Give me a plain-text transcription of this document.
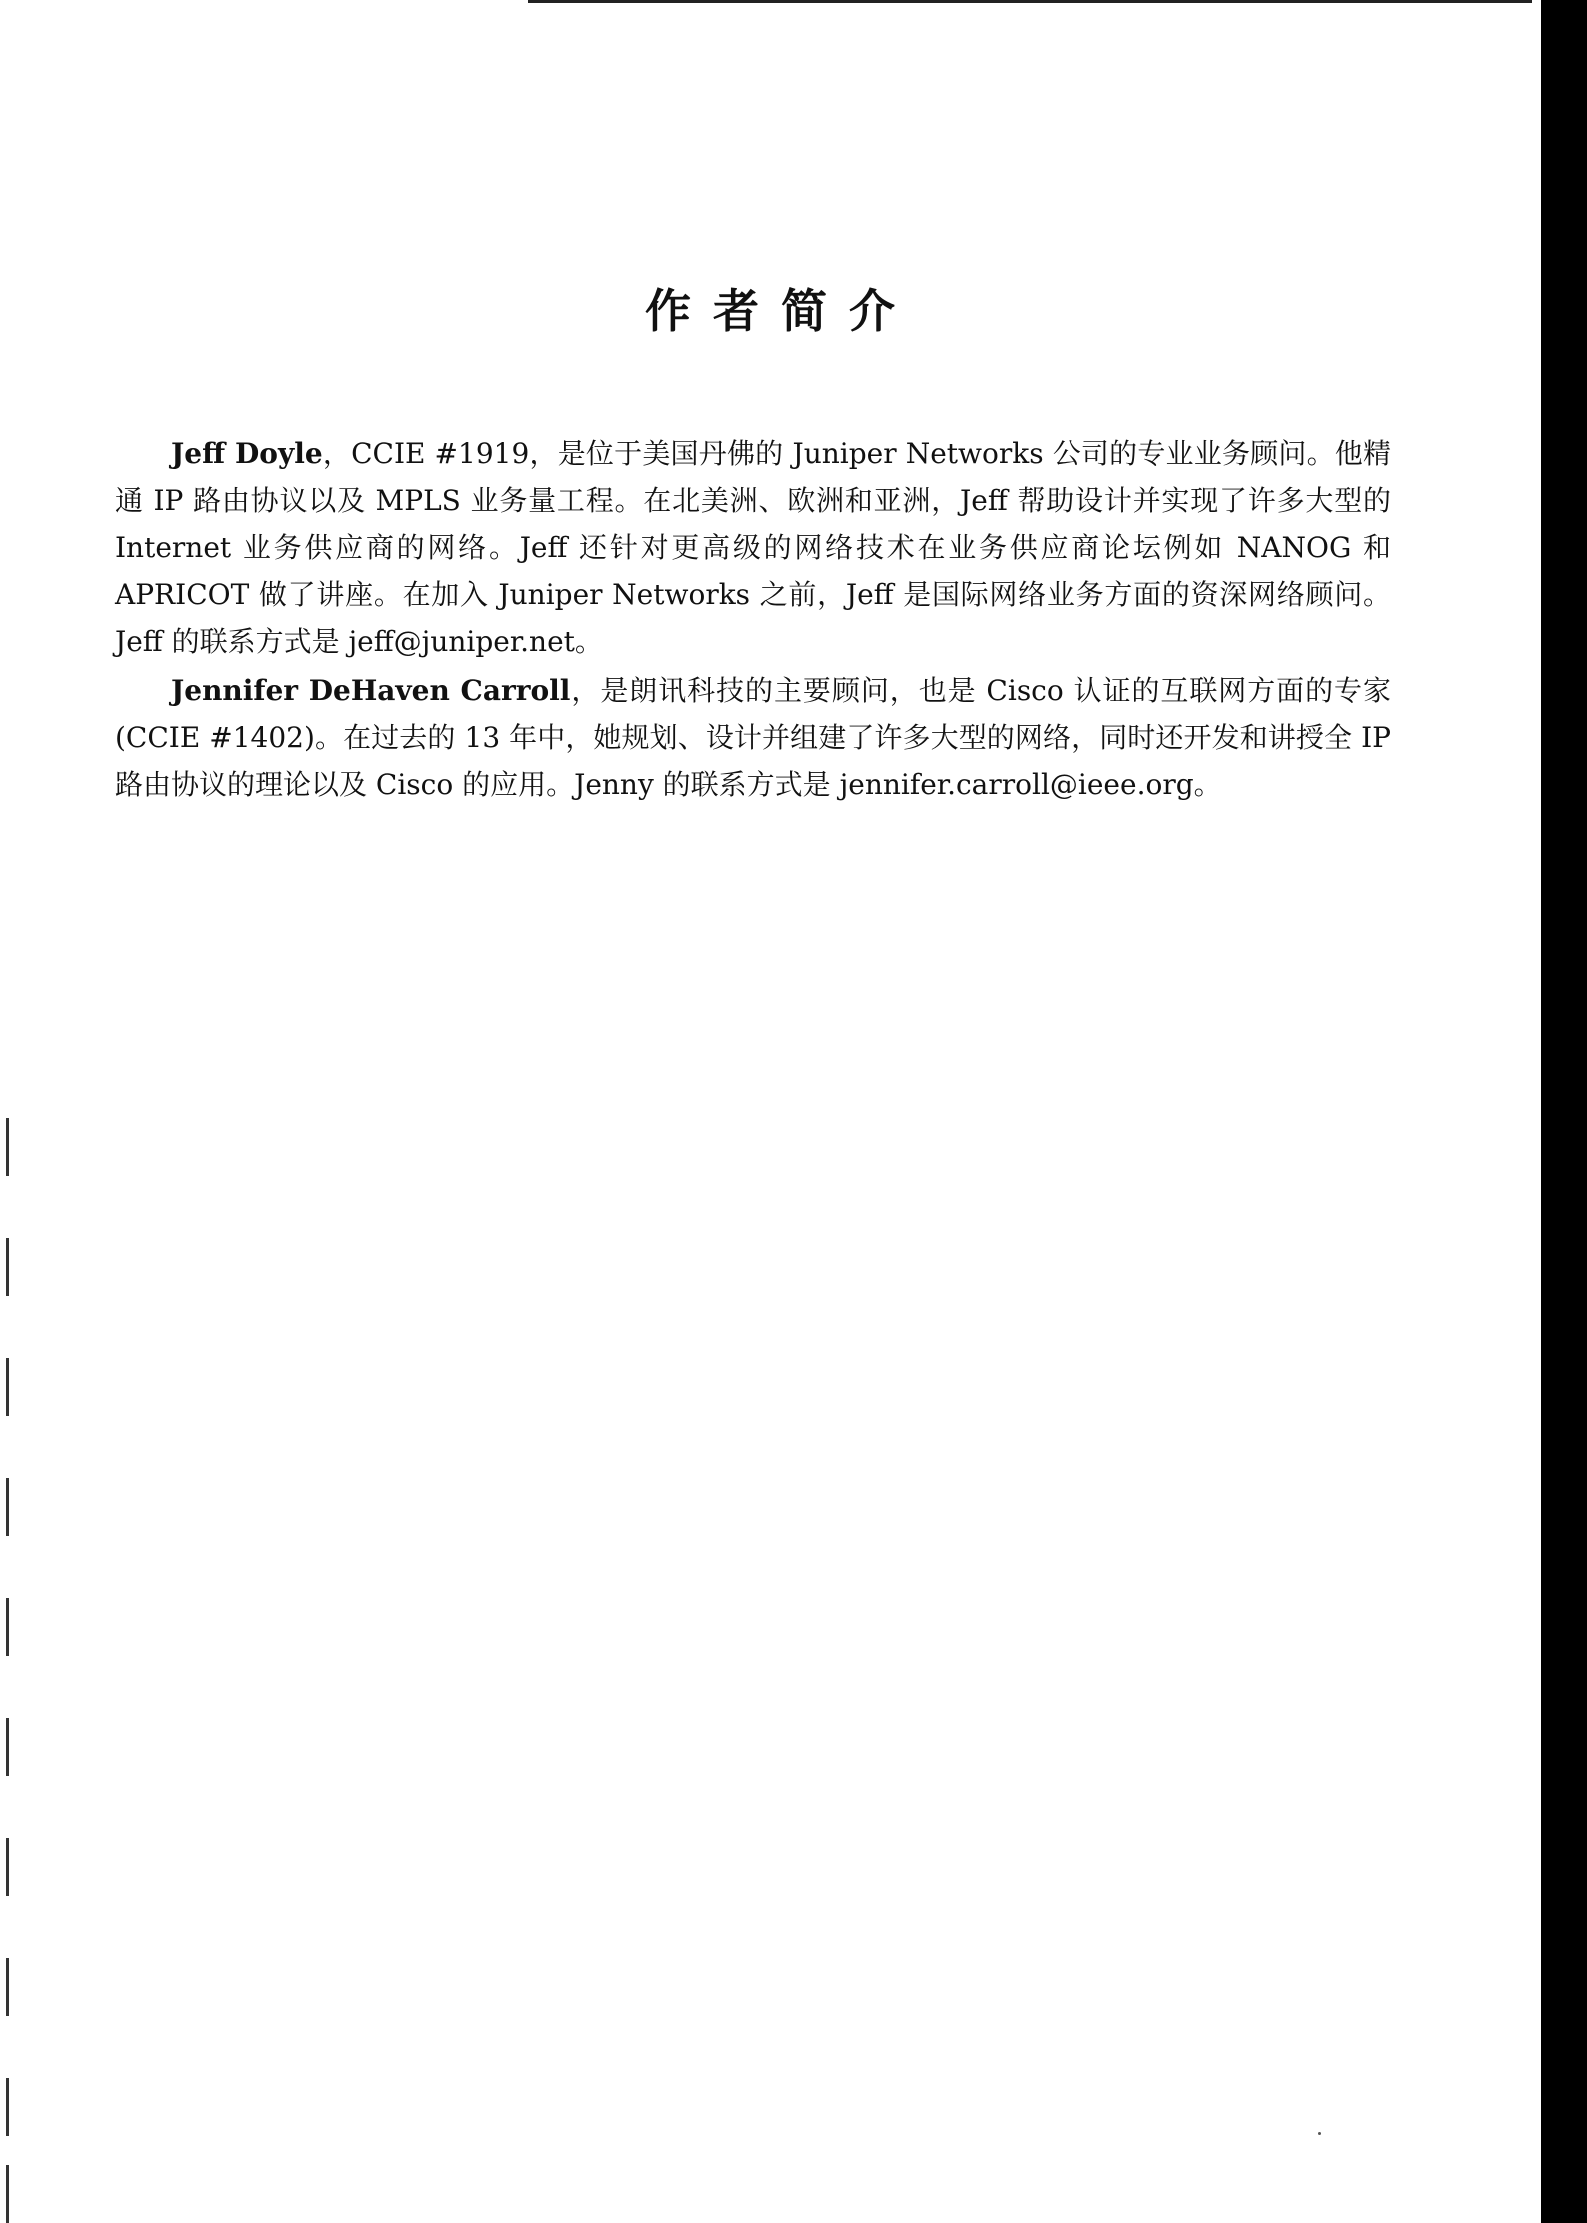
作者简介

Jeff Doyle，CCIE #1919，是位于美国丹佛的 Juniper Networks 公司的专业业务顾问。他精通 IP 路由协议以及 MPLS 业务量工程。在北美洲、欧洲和亚洲，Jeff 帮助设计并实现了许多大型的 Internet 业务供应商的网络。Jeff 还针对更高级的网络技术在业务供应商论坛例如 NANOG 和 APRICOT 做了讲座。在加入 Juniper Networks 之前，Jeff 是国际网络业务方面的资深网络顾问。Jeff 的联系方式是 jeff@juniper.net。

Jennifer DeHaven Carroll，是朗讯科技的主要顾问，也是 Cisco 认证的互联网方面的专家(CCIE #1402)。在过去的 13 年中，她规划、设计并组建了许多大型的网络，同时还开发和讲授全 IP 路由协议的理论以及 Cisco 的应用。Jenny 的联系方式是 jennifer.carroll@ieee.org。
